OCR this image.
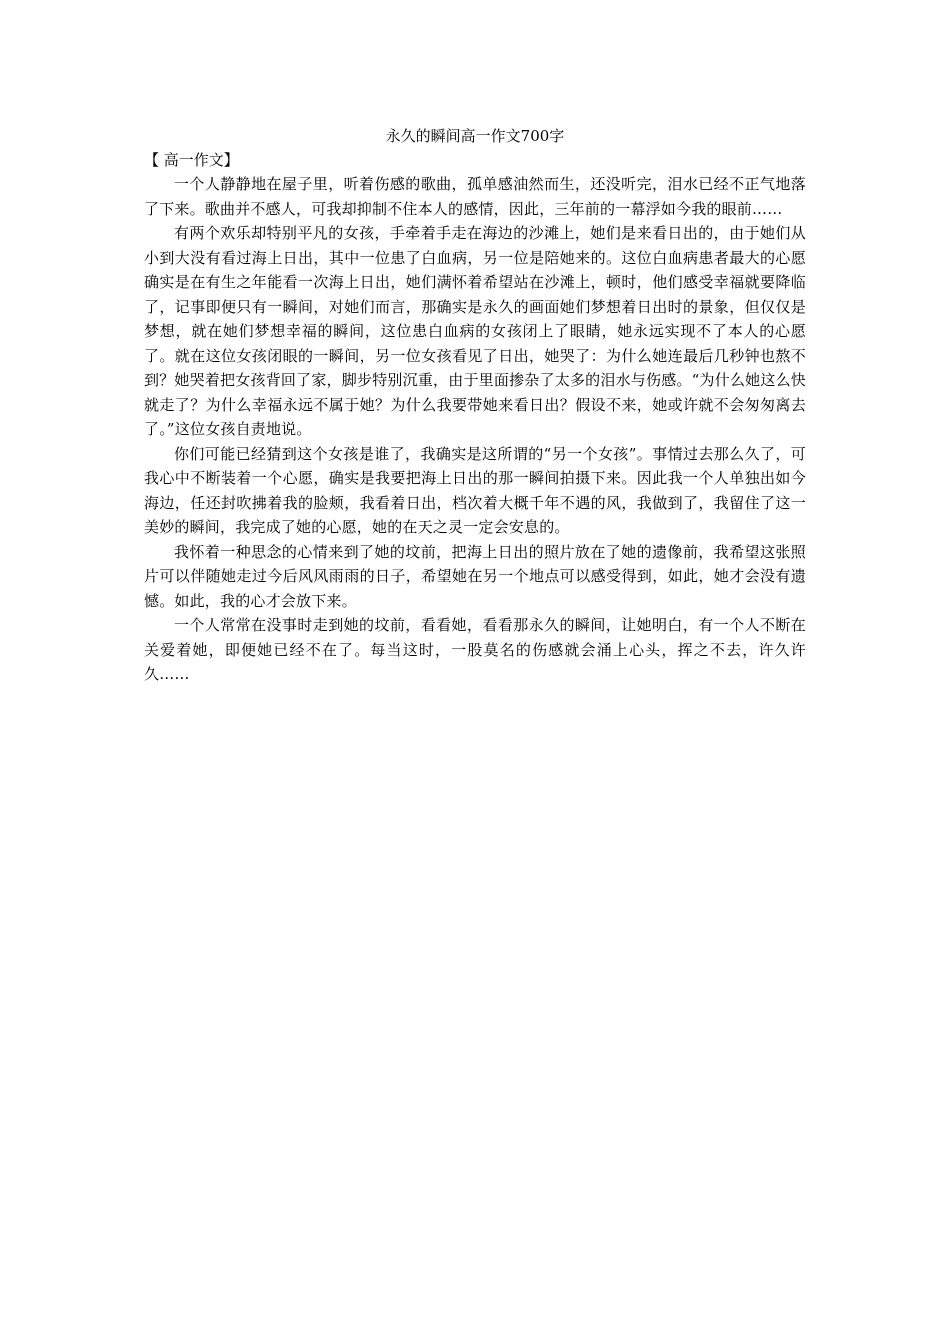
永久的瞬间高一作文700字

【 高一作文】

一个人静静地在屋子里，听着伤感的歌曲，孤单感油然而生，还没听完，泪水已经不正气地落了下来。歌曲并不感人，可我却抑制不住本人的感情，因此，三年前的一幕浮如今我的眼前……

有两个欢乐却特别平凡的女孩，手牵着手走在海边的沙滩上，她们是来看日出的，由于她们从小到大没有看过海上日出，其中一位患了白血病，另一位是陪她来的。这位白血病患者最大的心愿确实是在有生之年能看一次海上日出，她们满怀着希望站在沙滩上，顿时，他们感受幸福就要降临了，记事即便只有一瞬间，对她们而言，那确实是永久的画面她们梦想着日出时的景象，但仅仅是梦想，就在她们梦想幸福的瞬间，这位患白血病的女孩闭上了眼睛，她永远实现不了本人的心愿了。就在这位女孩闭眼的一瞬间，另一位女孩看见了日出，她哭了：为什么她连最后几秒钟也熬不到？她哭着把女孩背回了家，脚步特别沉重，由于里面掺杂了太多的泪水与伤感。“为什么她这么快就走了？为什么幸福永远不属于她？为什么我要带她来看日出？假设不来，她或许就不会匆匆离去了。”这位女孩自责地说。

你们可能已经猜到这个女孩是谁了，我确实是这所谓的“另一个女孩”。事情过去那么久了，可我心中不断装着一个心愿，确实是我要把海上日出的那一瞬间拍摄下来。因此我一个人单独出如今海边，任还封吹拂着我的脸颊，我看着日出，档次着大概千年不遇的风，我做到了，我留住了这一美妙的瞬间，我完成了她的心愿，她的在天之灵一定会安息的。

我怀着一种思念的心情来到了她的坟前，把海上日出的照片放在了她的遗像前，我希望这张照片可以伴随她走过今后风风雨雨的日子，希望她在另一个地点可以感受得到，如此，她才会没有遗憾。如此，我的心才会放下来。

一个人常常在没事时走到她的坟前，看看她，看看那永久的瞬间，让她明白，有一个人不断在关爱着她，即便她已经不在了。每当这时，一股莫名的伤感就会涌上心头，挥之不去，许久许久……
